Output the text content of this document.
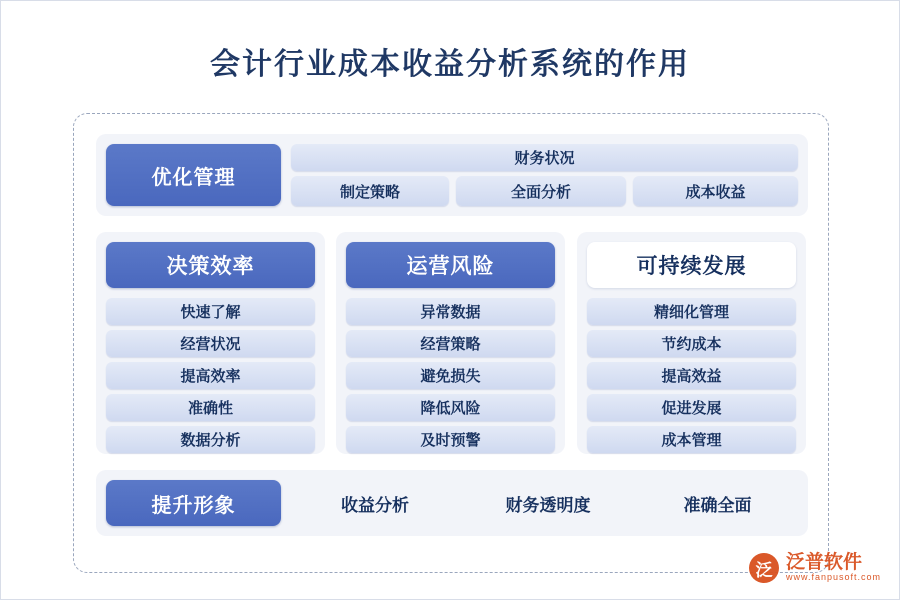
会计行业成本收益分析系统的作用
优化管理
财务状况
制定策略	全面分析	成本收益
决策效率
快速了解
经营状况
提高效率
准确性
数据分析
运营风险
异常数据
经营策略
避免损失
降低风险
及时预警
可持续发展
精细化管理
节约成本
提高效益
促进发展
成本管理
提升形象	收益分析	财务透明度	准确全面
泛 泛普软件
www.fanpusoft.com
